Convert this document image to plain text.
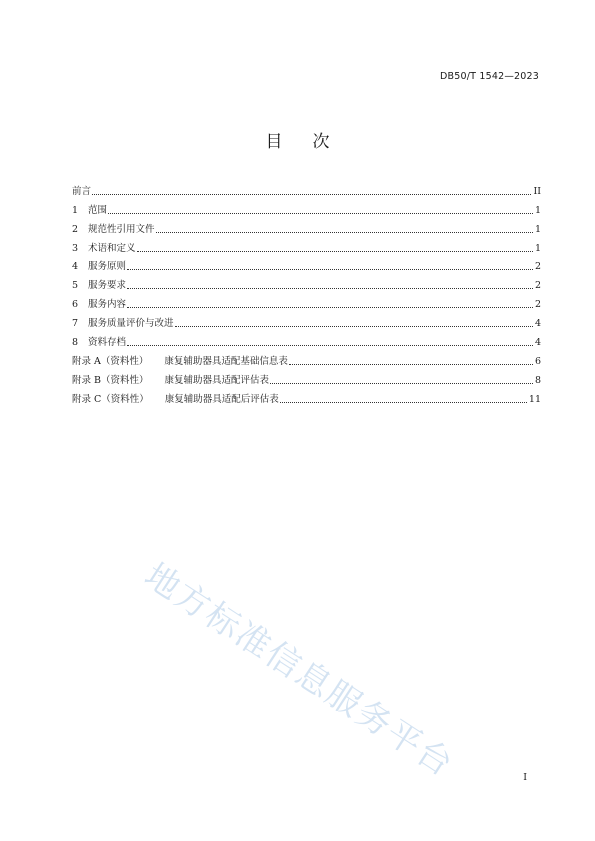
DB50/T 1542—2023
目 次
前言	II
1	范围	1
2	规范性引用文件	1
3	术语和定义	1
4	服务原则	2
5	服务要求	2
6	服务内容	2
7	服务质量评价与改进	4
8	资料存档	4
附录 A（资料性） 康复辅助器具适配基础信息表	6
附录 B（资料性） 康复辅助器具适配评估表	8
附录 C（资料性） 康复辅助器具适配后评估表	11
地方标准信息服务平台	I
